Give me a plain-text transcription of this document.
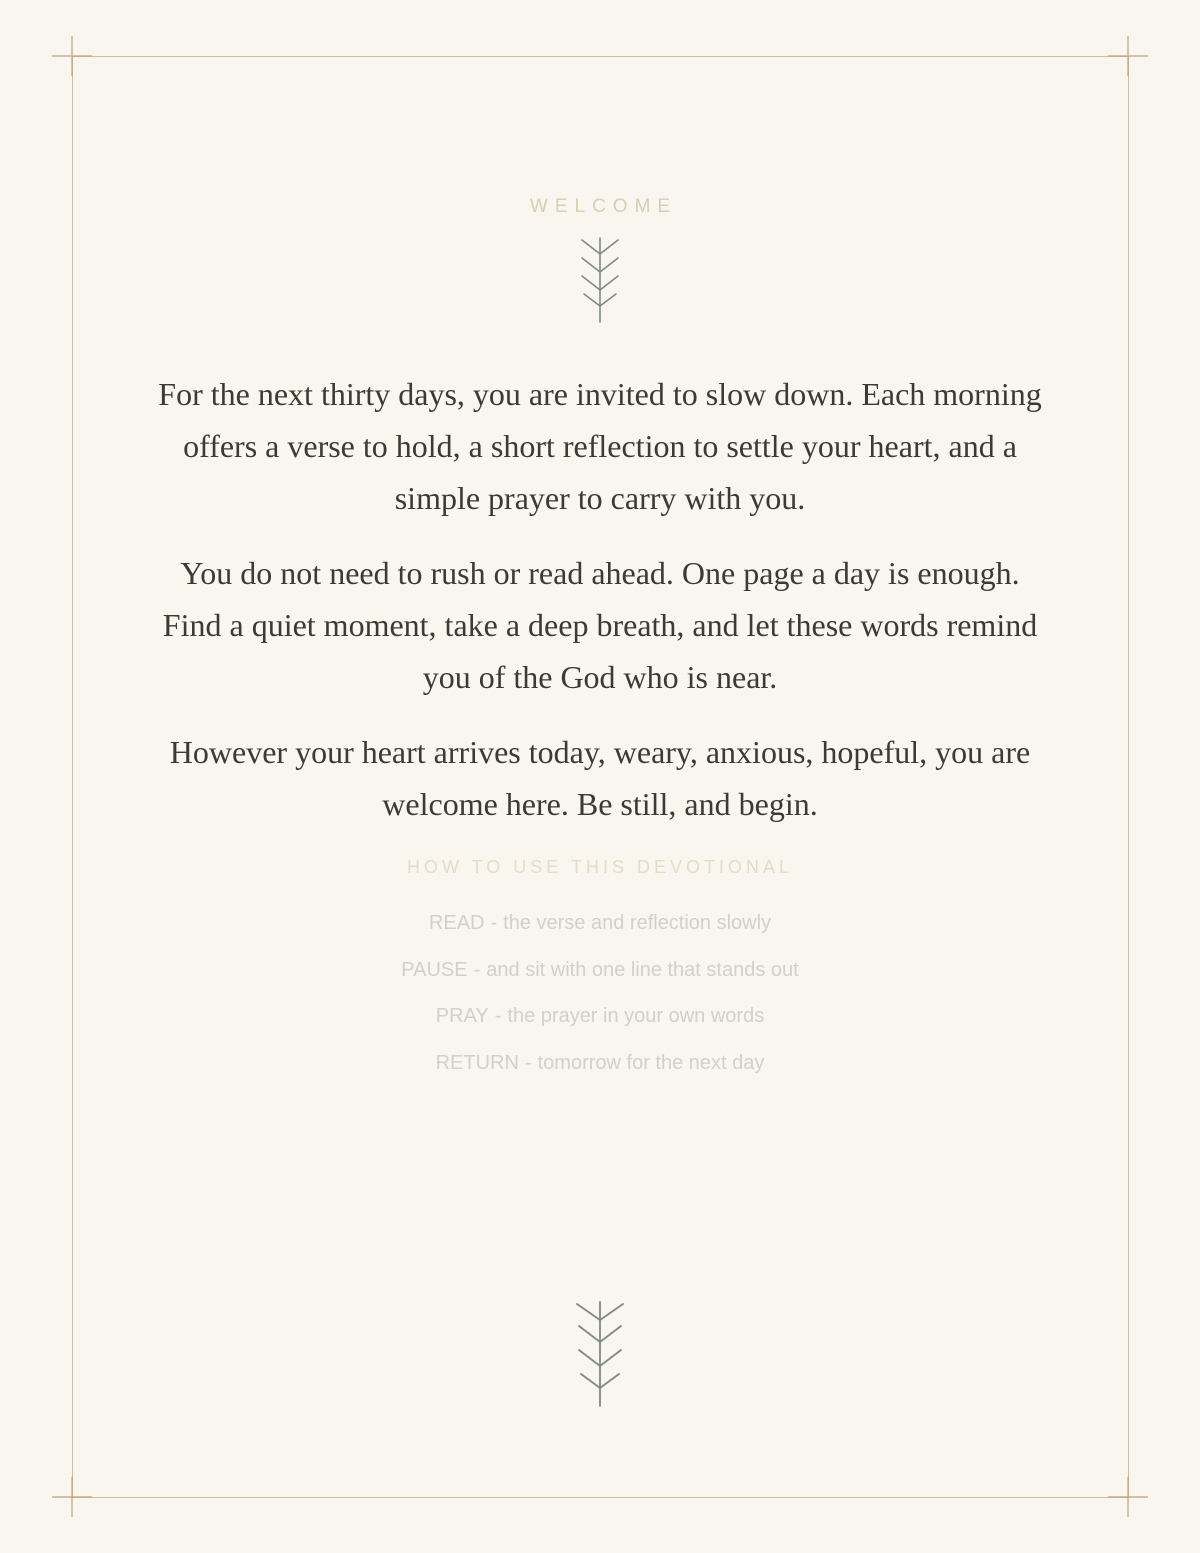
WELCOME

For the next thirty days, you are invited to slow down. Each morning offers a verse to hold, a short reflection to settle your heart, and a simple prayer to carry with you.

You do not need to rush or read ahead. One page a day is enough. Find a quiet moment, take a deep breath, and let these words remind you of the God who is near.

However your heart arrives today, weary, anxious, hopeful, you are welcome here. Be still, and begin.

HOW TO USE THIS DEVOTIONAL
READ - the verse and reflection slowly
PAUSE - and sit with one line that stands out
PRAY - the prayer in your own words
RETURN - tomorrow for the next day
